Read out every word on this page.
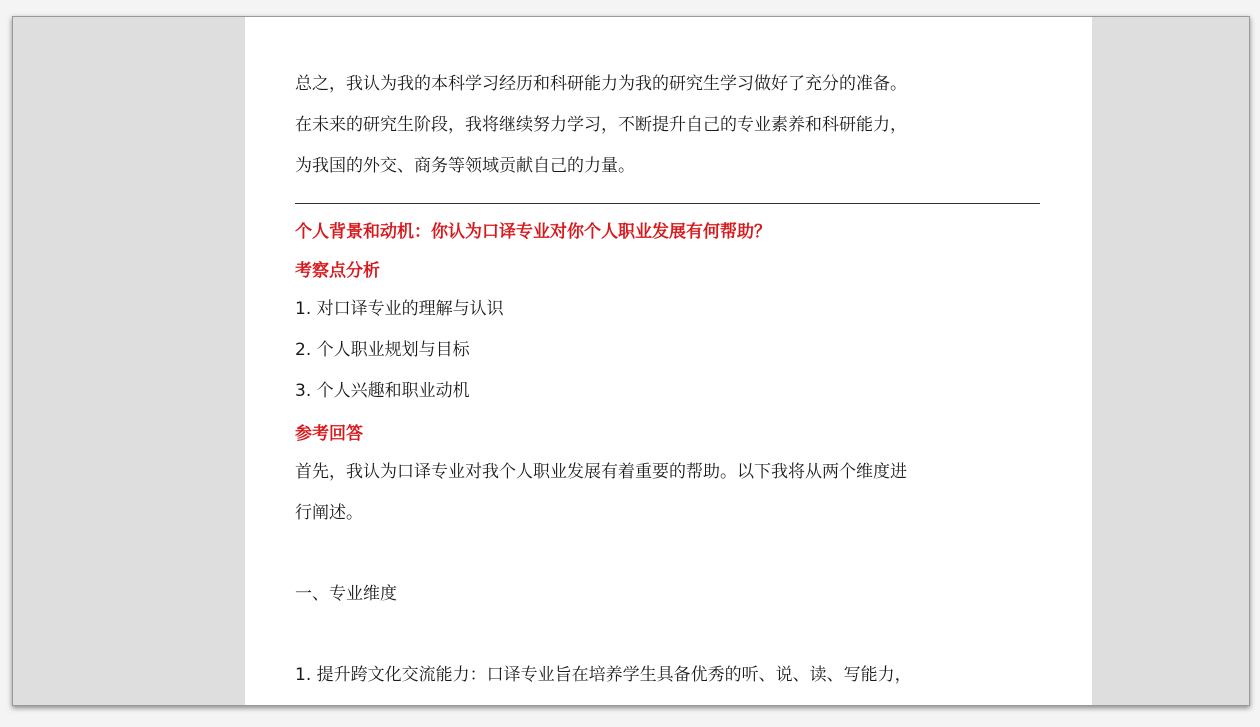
总之，我认为我的本科学习经历和科研能力为我的研究生学习做好了充分的准备。
在未来的研究生阶段，我将继续努力学习，不断提升自己的专业素养和科研能力，
为我国的外交、商务等领域贡献自己的力量。
个人背景和动机：你认为口译专业对你个人职业发展有何帮助？
考察点分析
1. 对口译专业的理解与认识
2. 个人职业规划与目标
3. 个人兴趣和职业动机
参考回答
首先，我认为口译专业对我个人职业发展有着重要的帮助。以下我将从两个维度进
行阐述。
一、专业维度
1. 提升跨文化交流能力：口译专业旨在培养学生具备优秀的听、说、读、写能力，
